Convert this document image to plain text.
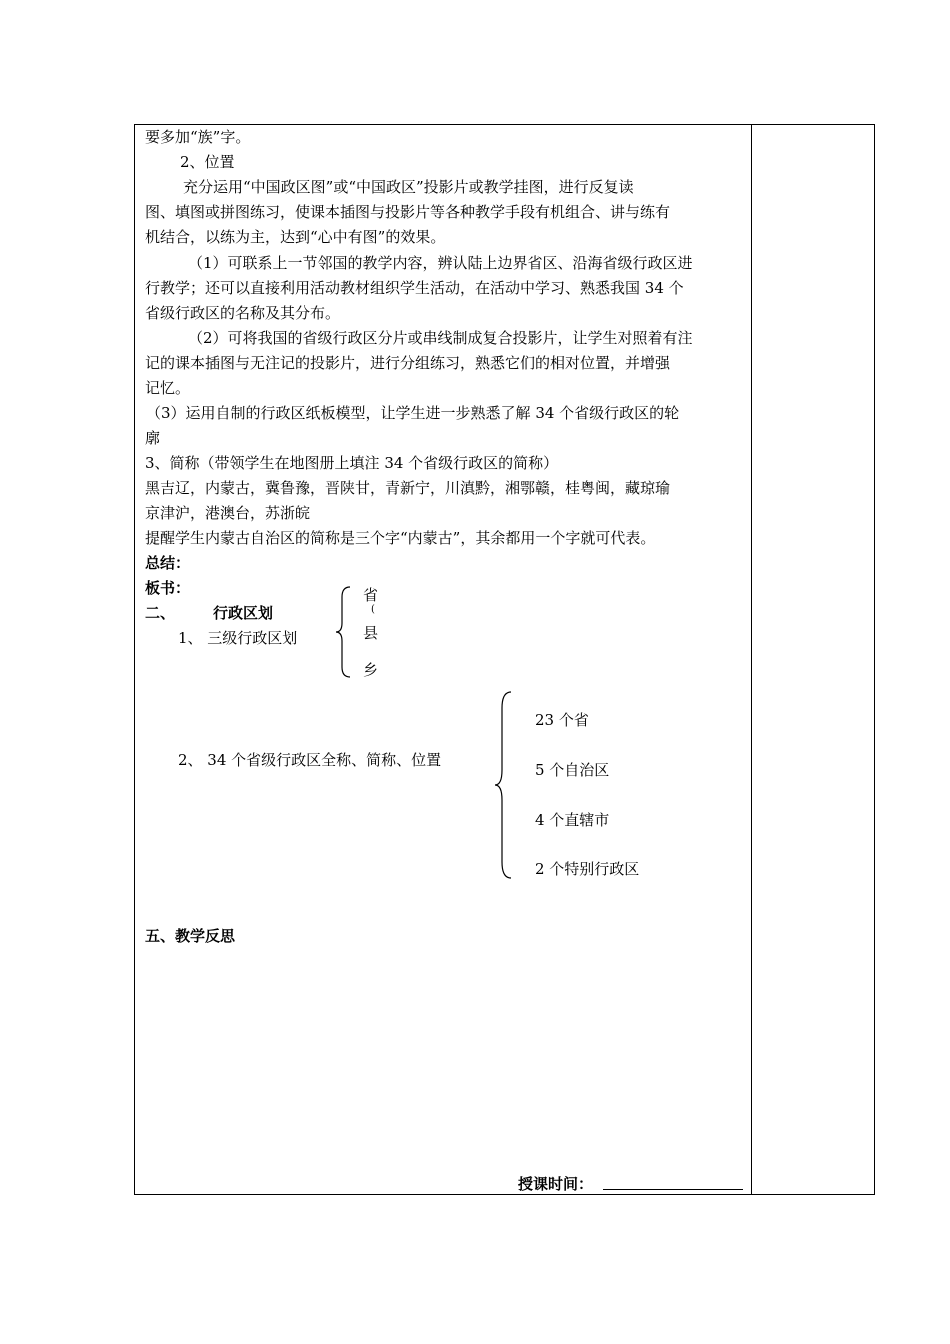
要多加“族”字。
2、位置
充分运用“中国政区图”或“中国政区”投影片或教学挂图，进行反复读
图、填图或拼图练习，使课本插图与投影片等各种教学手段有机组合、讲与练有
机结合，以练为主，达到“心中有图”的效果。
（1）可联系上一节邻国的教学内容，辨认陆上边界省区、沿海省级行政区进
行教学；还可以直接利用活动教材组织学生活动，在活动中学习、熟悉我国 34 个
省级行政区的名称及其分布。
（2）可将我国的省级行政区分片或串线制成复合投影片，让学生对照着有注
记的课本插图与无注记的投影片，进行分组练习，熟悉它们的相对位置，并增强
记忆。
（3）运用自制的行政区纸板模型，让学生进一步熟悉了解 34 个省级行政区的轮
廓
3、简称（带领学生在地图册上填注 34 个省级行政区的简称）
黑吉辽，内蒙古，冀鲁豫，晋陕甘，青新宁，川滇黔，湘鄂赣，桂粤闽，藏琼瑜
京津沪，港澳台，苏浙皖
提醒学生内蒙古自治区的简称是三个字“内蒙古”，其余都用一个字就可代表。
总结：
板书：
二、	行政区划
1、 三级行政区划
省
(
县
乡
2、 34 个省级行政区全称、简称、位置
23 个省
5 个自治区
4 个直辖市
2 个特别行政区
五、教学反思
授课时间：
